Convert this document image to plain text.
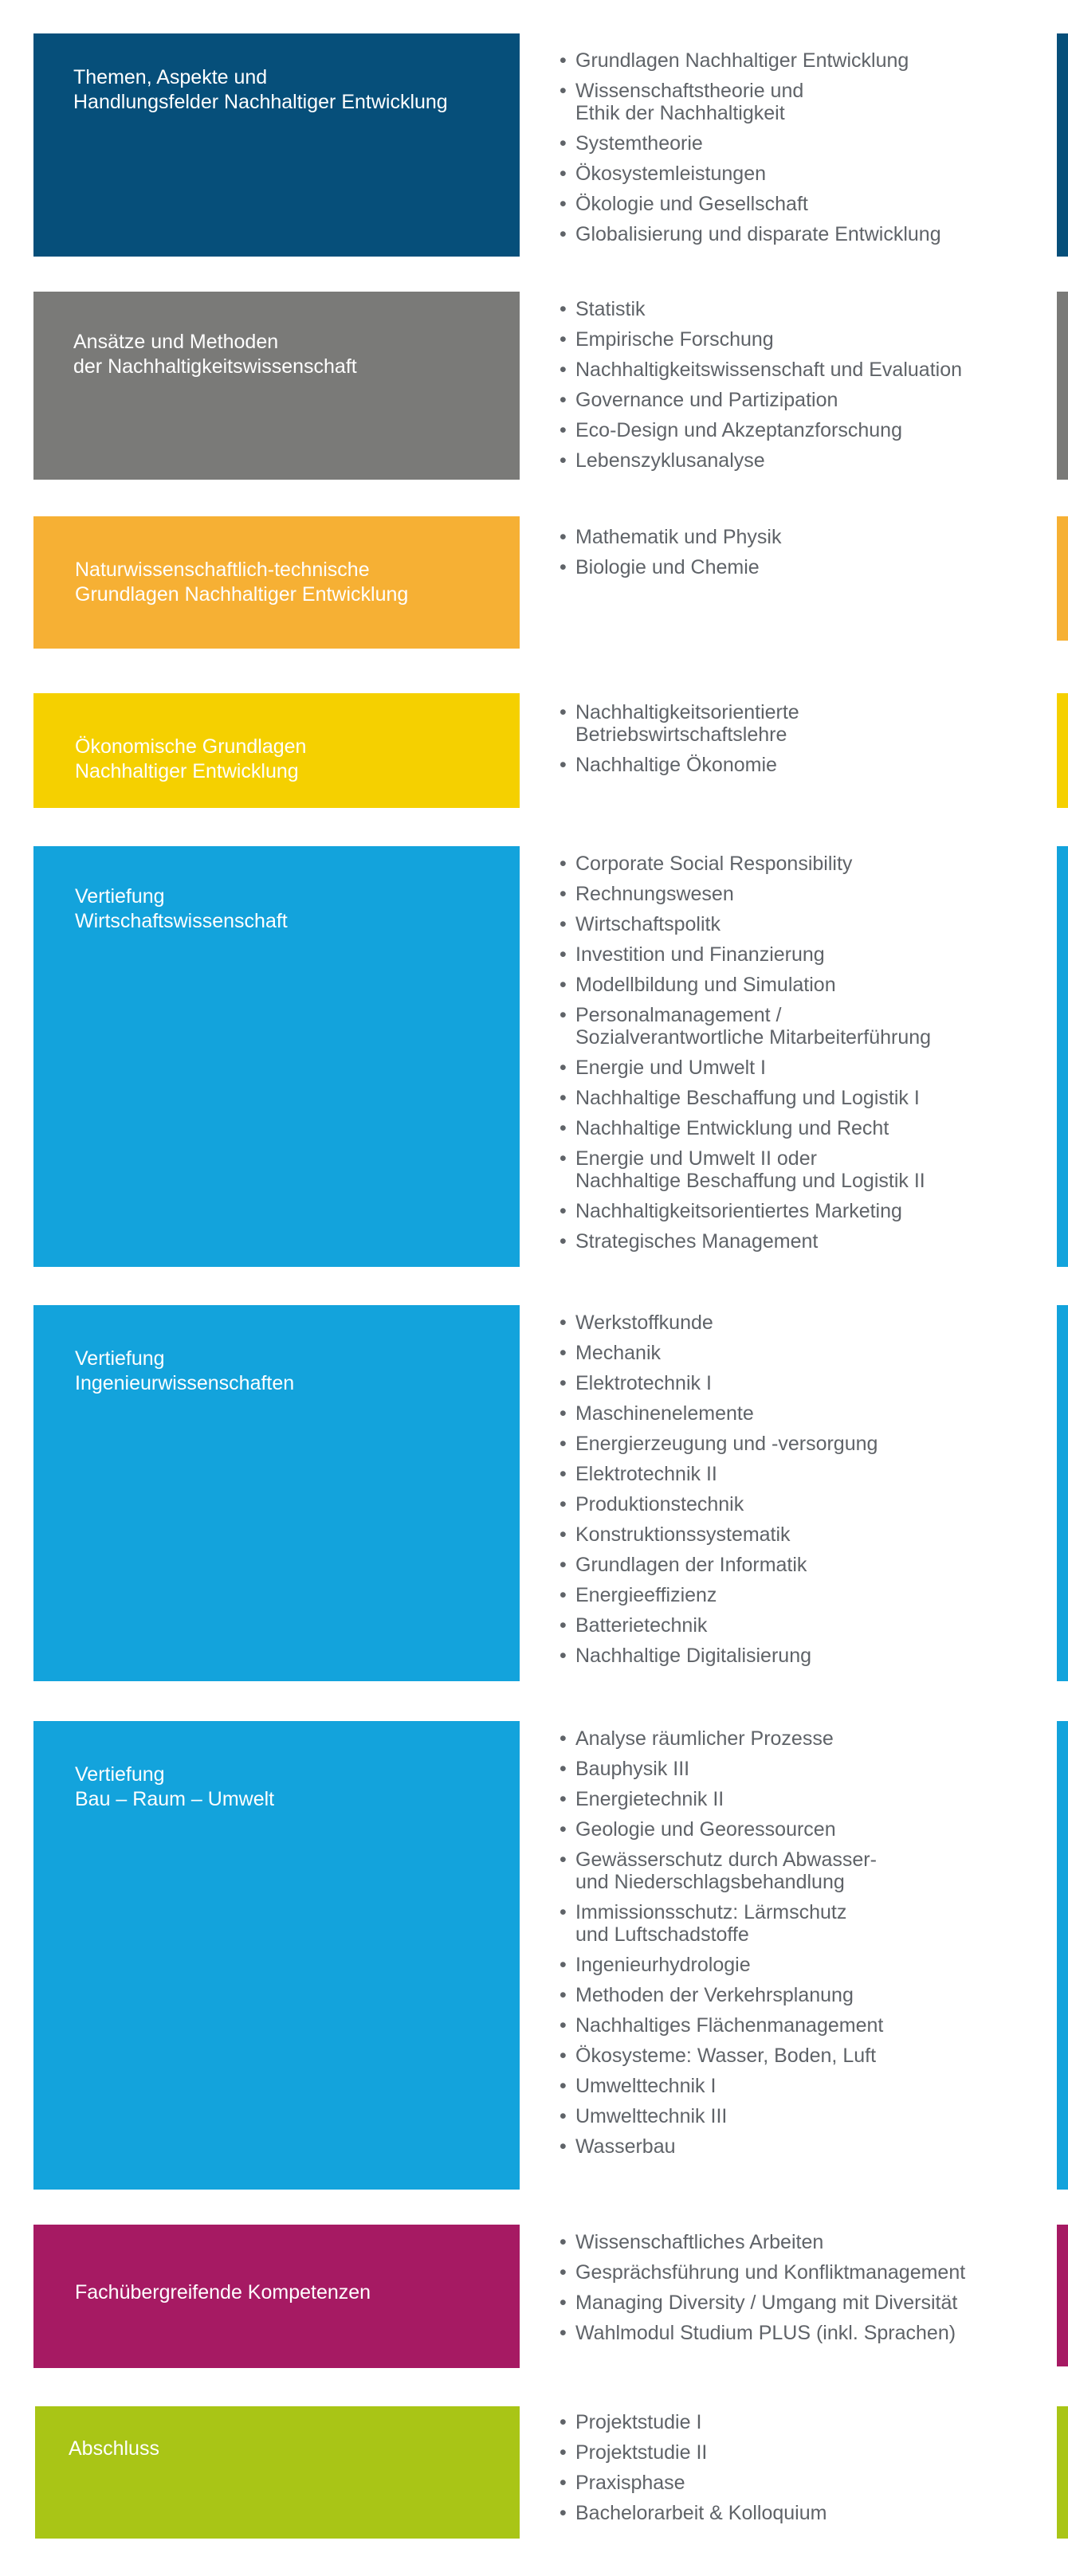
Themen, Aspekte und
Handlungsfelder Nachhaltiger Entwicklung
• Grundlagen Nachhaltiger Entwicklung
• Wissenschaftstheorie und
Ethik der Nachhaltigkeit
• Systemtheorie
• Ökosystemleistungen
• Ökologie und Gesellschaft
• Globalisierung und disparate Entwicklung
Ansätze und Methoden
der Nachhaltigkeitswissenschaft
• Statistik
• Empirische Forschung
• Nachhaltigkeitswissenschaft und Evaluation
• Governance und Partizipation
• Eco-Design und Akzeptanzforschung
• Lebenszyklusanalyse
Naturwissenschaftlich-technische
Grundlagen Nachhaltiger Entwicklung
• Mathematik und Physik
• Biologie und Chemie
Ökonomische Grundlagen
Nachhaltiger Entwicklung
• Nachhaltigkeitsorientierte
Betriebswirtschaftslehre
• Nachhaltige Ökonomie
Vertiefung
Wirtschaftswissenschaft
• Corporate Social Responsibility
• Rechnungswesen
• Wirtschaftspolitk
• Investition und Finanzierung
• Modellbildung und Simulation
• Personalmanagement /
Sozialverantwortliche Mitarbeiterführung
• Energie und Umwelt I
• Nachhaltige Beschaffung und Logistik I
• Nachhaltige Entwicklung und Recht
• Energie und Umwelt II oder
Nachhaltige Beschaffung und Logistik II
• Nachhaltigkeitsorientiertes Marketing
• Strategisches Management
Vertiefung
Ingenieurwissenschaften
• Werkstoffkunde
• Mechanik
• Elektrotechnik I
• Maschinenelemente
• Energierzeugung und -versorgung
• Elektrotechnik II
• Produktionstechnik
• Konstruktionssystematik
• Grundlagen der Informatik
• Energieeffizienz
• Batterietechnik
• Nachhaltige Digitalisierung
Vertiefung
Bau – Raum – Umwelt
• Analyse räumlicher Prozesse
• Bauphysik III
• Energietechnik II
• Geologie und Georessourcen
• Gewässerschutz durch Abwasser-
und Niederschlagsbehandlung
• Immissionsschutz: Lärmschutz
und Luftschadstoffe
• Ingenieurhydrologie
• Methoden der Verkehrsplanung
• Nachhaltiges Flächenmanagement
• Ökosysteme: Wasser, Boden, Luft
• Umwelttechnik I
• Umwelttechnik III
• Wasserbau
Fachübergreifende Kompetenzen
• Wissenschaftliches Arbeiten
• Gesprächsführung und Konfliktmanagement
• Managing Diversity / Umgang mit Diversität
• Wahlmodul Studium PLUS (inkl. Sprachen)
Abschluss
• Projektstudie I
• Projektstudie II
• Praxisphase
• Bachelorarbeit & Kolloquium
